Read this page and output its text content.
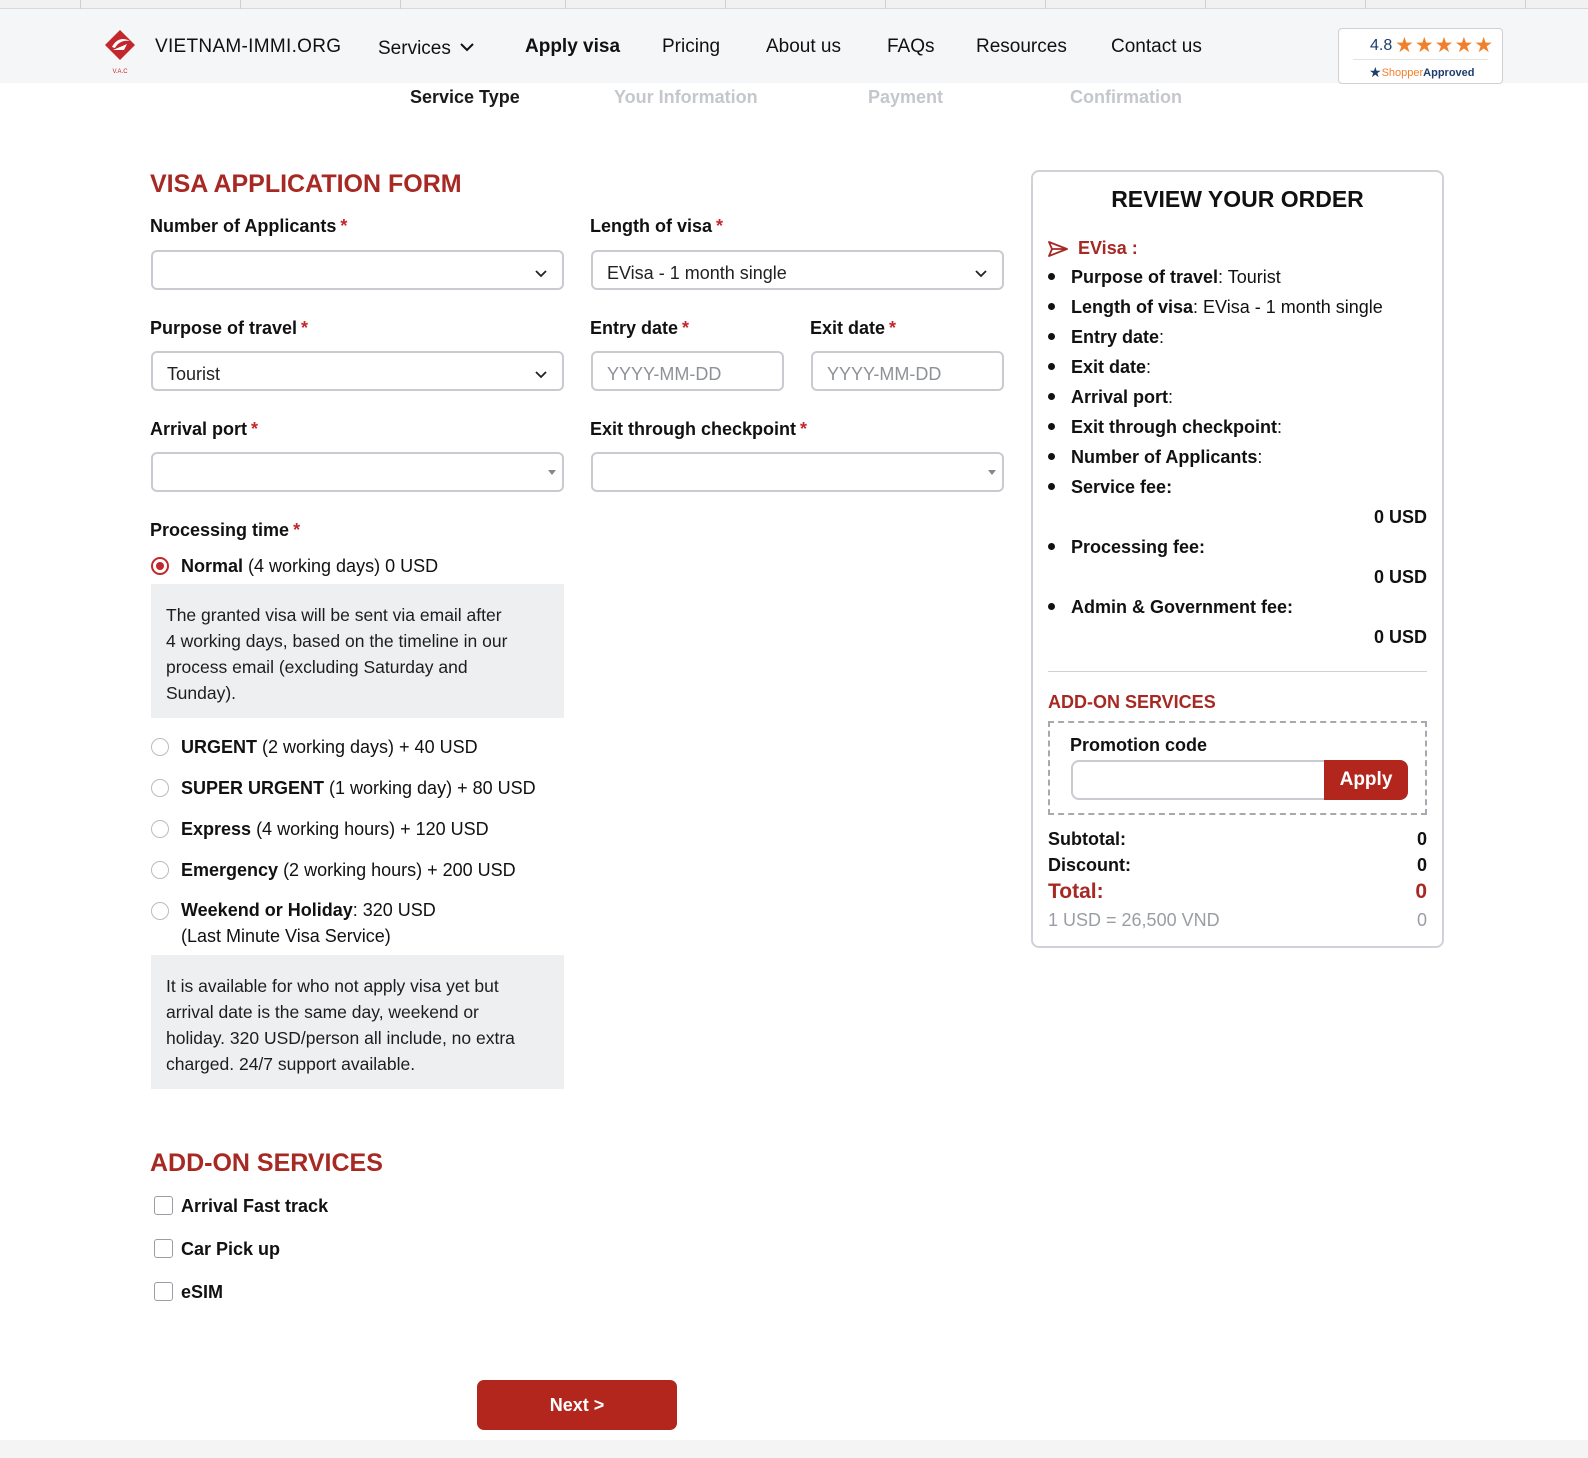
V.A.C
VIETNAM-IMMI.ORG Services	Apply visa Pricing About us FAQs Resources Contact us	4.8 ★★★★★
★ShopperApproved
Service Type	Your Information	Payment	Confirmation
VISA APPLICATION FORM
Number of Applicants *	Length of visa *
EVisa - 1 month single
Purpose of travel *
Tourist
Entry date *
YYYY-MM-DD
Exit date *
YYYY-MM-DD
Arrival port *	Exit through checkpoint *
Processing time *
Normal (4 working days) 0 USD
The granted visa will be sent via email after
4 working days, based on the timeline in our
process email (excluding Saturday and
Sunday).
URGENT (2 working days) + 40 USD
SUPER URGENT (1 working day) + 80 USD
Express (4 working hours) + 120 USD
Emergency (2 working hours) + 200 USD
Weekend or Holiday: 320 USD
(Last Minute Visa Service)
It is available for who not apply visa yet but
arrival date is the same day, weekend or
holiday. 320 USD/person all include, no extra
charged. 24/7 support available.
ADD-ON SERVICES
Arrival Fast track
Car Pick up
eSIM
Next >
REVIEW YOUR ORDER
EVisa :
Purpose of travel: Tourist
Length of visa: EVisa - 1 month single
Entry date:
Exit date:
Arrival port:
Exit through checkpoint:
Number of Applicants:
Service fee:
0 USD
Processing fee:
0 USD
Admin & Government fee:
0 USD
ADD-ON SERVICES
Promotion code
Apply
Subtotal:	0
Discount:	0
Total:	0
1 USD = 26,500 VND	0
